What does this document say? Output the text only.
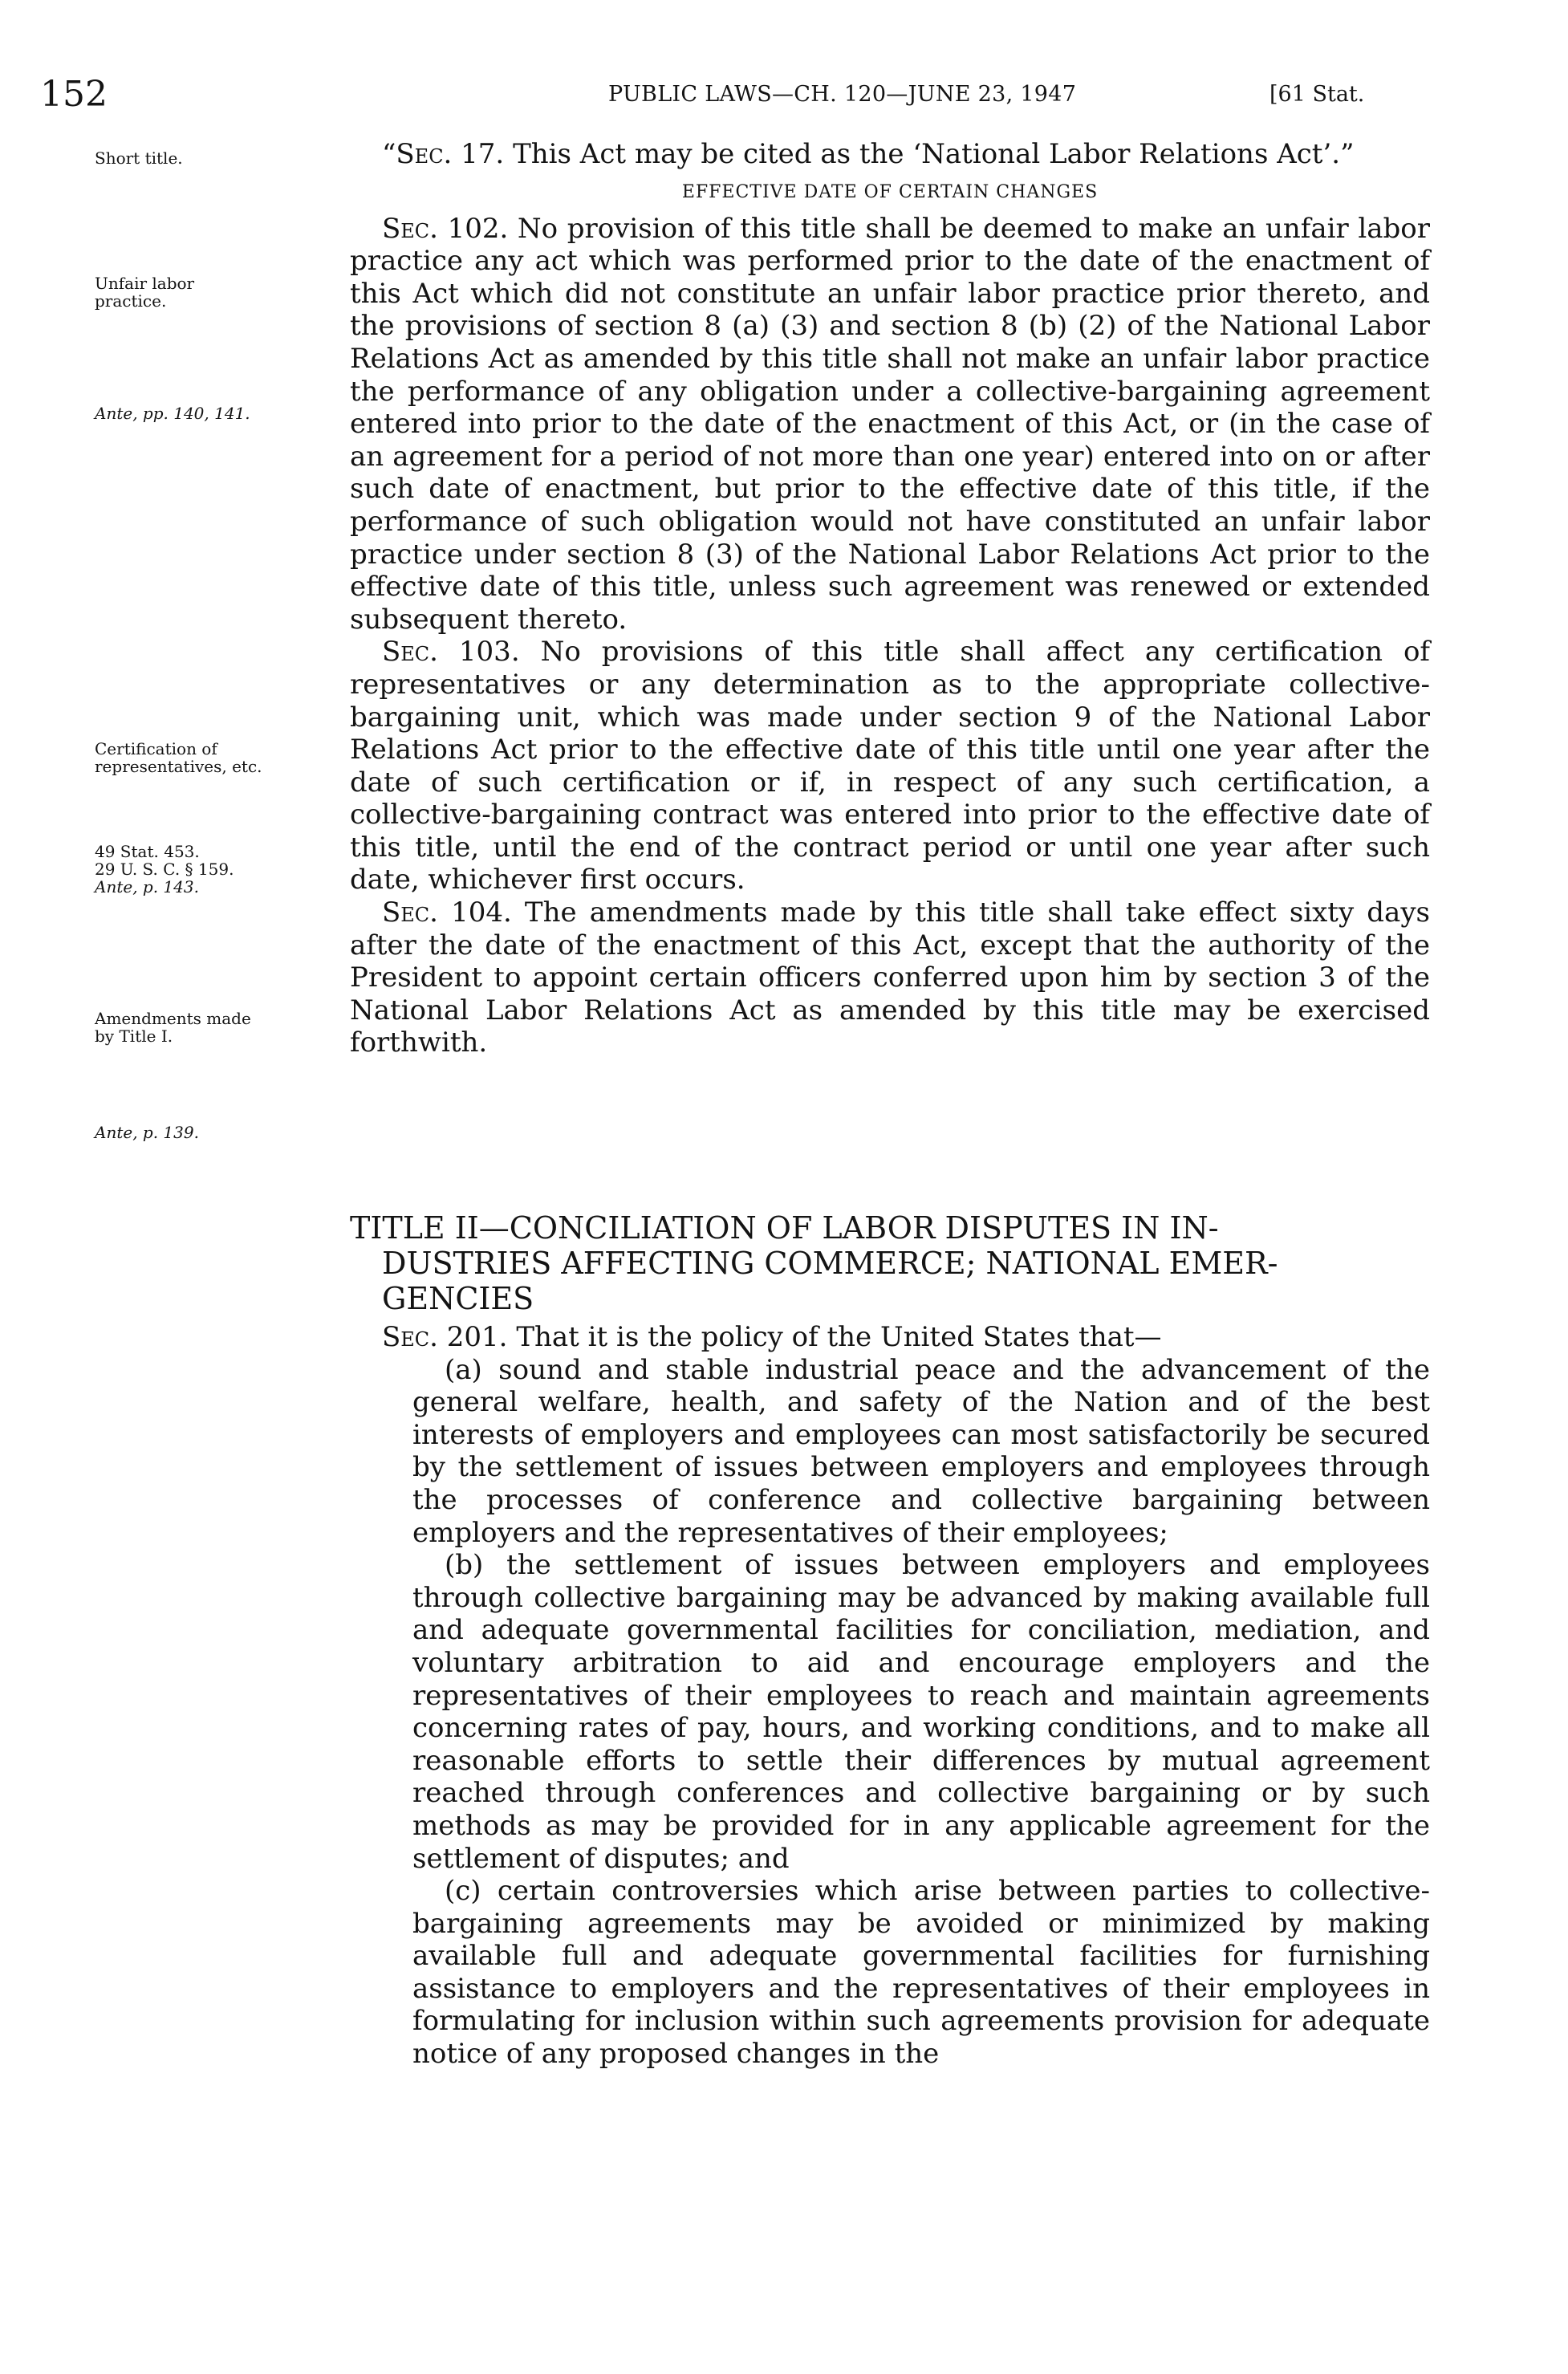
152	PUBLIC LAWS—CH. 120—JUNE 23, 1947	[61 Stat.
Short title.
Unfair labor practice.
Ante, pp. 140, 141.
Certification of representatives, etc.
49 Stat. 453.
29 U. S. C. § 159.
Ante, p. 143.
Amendments made by Title I.
Ante, p. 139.

“Sec. 17. This Act may be cited as the ‘National Labor Relations Act’.”

EFFECTIVE DATE OF CERTAIN CHANGES

Sec. 102. No provision of this title shall be deemed to make an unfair labor practice any act which was performed prior to the date of the enactment of this Act which did not constitute an unfair labor practice prior thereto, and the provisions of section 8 (a) (3) and section 8 (b) (2) of the National Labor Relations Act as amended by this title shall not make an unfair labor practice the performance of any obligation under a collective-bargaining agreement entered into prior to the date of the enactment of this Act, or (in the case of an agreement for a period of not more than one year) entered into on or after such date of enactment, but prior to the effective date of this title, if the performance of such obligation would not have constituted an unfair labor practice under section 8 (3) of the National Labor Relations Act prior to the effective date of this title, unless such agreement was renewed or extended subsequent thereto.

Sec. 103. No provisions of this title shall affect any certification of representatives or any determination as to the appropriate collective-bargaining unit, which was made under section 9 of the National Labor Relations Act prior to the effective date of this title until one year after the date of such certification or if, in respect of any such certification, a collective-bargaining contract was entered into prior to the effective date of this title, until the end of the contract period or until one year after such date, whichever first occurs.

Sec. 104. The amendments made by this title shall take effect sixty days after the date of the enactment of this Act, except that the authority of the President to appoint certain officers conferred upon him by section 3 of the National Labor Relations Act as amended by this title may be exercised forthwith.

TITLE II—CONCILIATION OF LABOR DISPUTES IN IN-
DUSTRIES AFFECTING COMMERCE; NATIONAL EMER-
GENCIES

Sec. 201. That it is the policy of the United States that—

(a) sound and stable industrial peace and the advancement of the general welfare, health, and safety of the Nation and of the best interests of employers and employees can most satisfactorily be secured by the settlement of issues between employers and employees through the processes of conference and collective bargaining between employers and the representatives of their employees;

(b) the settlement of issues between employers and employees through collective bargaining may be advanced by making available full and adequate governmental facilities for conciliation, mediation, and voluntary arbitration to aid and encourage employers and the representatives of their employees to reach and maintain agreements concerning rates of pay, hours, and working conditions, and to make all reasonable efforts to settle their differences by mutual agreement reached through conferences and collective bargaining or by such methods as may be provided for in any applicable agreement for the settlement of disputes; and

(c) certain controversies which arise between parties to collective-bargaining agreements may be avoided or minimized by making available full and adequate governmental facilities for furnishing assistance to employers and the representatives of their employees in formulating for inclusion within such agreements provision for adequate notice of any proposed changes in the
